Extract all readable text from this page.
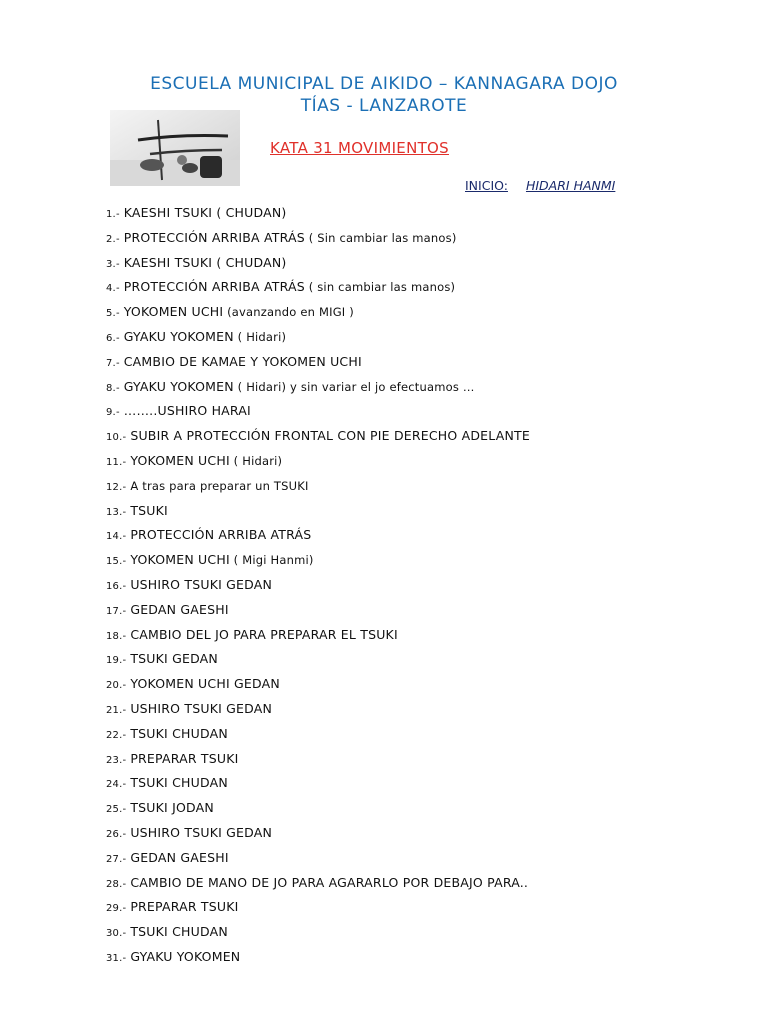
ESCUELA MUNICIPAL DE AIKIDO – KANNAGARA DOJO
TÍAS - LANZAROTE
KATA 31 MOVIMIENTOS
INICIO: HIDARI HANMI
1.- KAESHI TSUKI ( CHUDAN)
2.- PROTECCIÓN ARRIBA ATRÁS ( Sin cambiar las manos)
3.- KAESHI TSUKI ( CHUDAN)
4.- PROTECCIÓN ARRIBA ATRÁS ( sin cambiar las manos)
5.- YOKOMEN UCHI (avanzando en MIGI )
6.- GYAKU YOKOMEN ( Hidari)
7.- CAMBIO DE KAMAE Y YOKOMEN UCHI
8.- GYAKU YOKOMEN ( Hidari) y sin variar el jo efectuamos …
9.- ……..USHIRO HARAI
10.- SUBIR A PROTECCIÓN FRONTAL CON PIE DERECHO ADELANTE
11.- YOKOMEN UCHI ( Hidari)
12.- A tras para preparar un TSUKI
13.- TSUKI
14.- PROTECCIÓN ARRIBA ATRÁS
15.- YOKOMEN UCHI ( Migi Hanmi)
16.- USHIRO TSUKI GEDAN
17.- GEDAN GAESHI
18.- CAMBIO DEL JO PARA PREPARAR EL TSUKI
19.- TSUKI GEDAN
20.- YOKOMEN UCHI GEDAN
21.- USHIRO TSUKI GEDAN
22.- TSUKI CHUDAN
23.- PREPARAR TSUKI
24.- TSUKI CHUDAN
25.- TSUKI JODAN
26.- USHIRO TSUKI GEDAN
27.- GEDAN GAESHI
28.- CAMBIO DE MANO DE JO PARA AGARARLO POR DEBAJO PARA..
29.- PREPARAR TSUKI
30.- TSUKI CHUDAN
31.- GYAKU YOKOMEN
